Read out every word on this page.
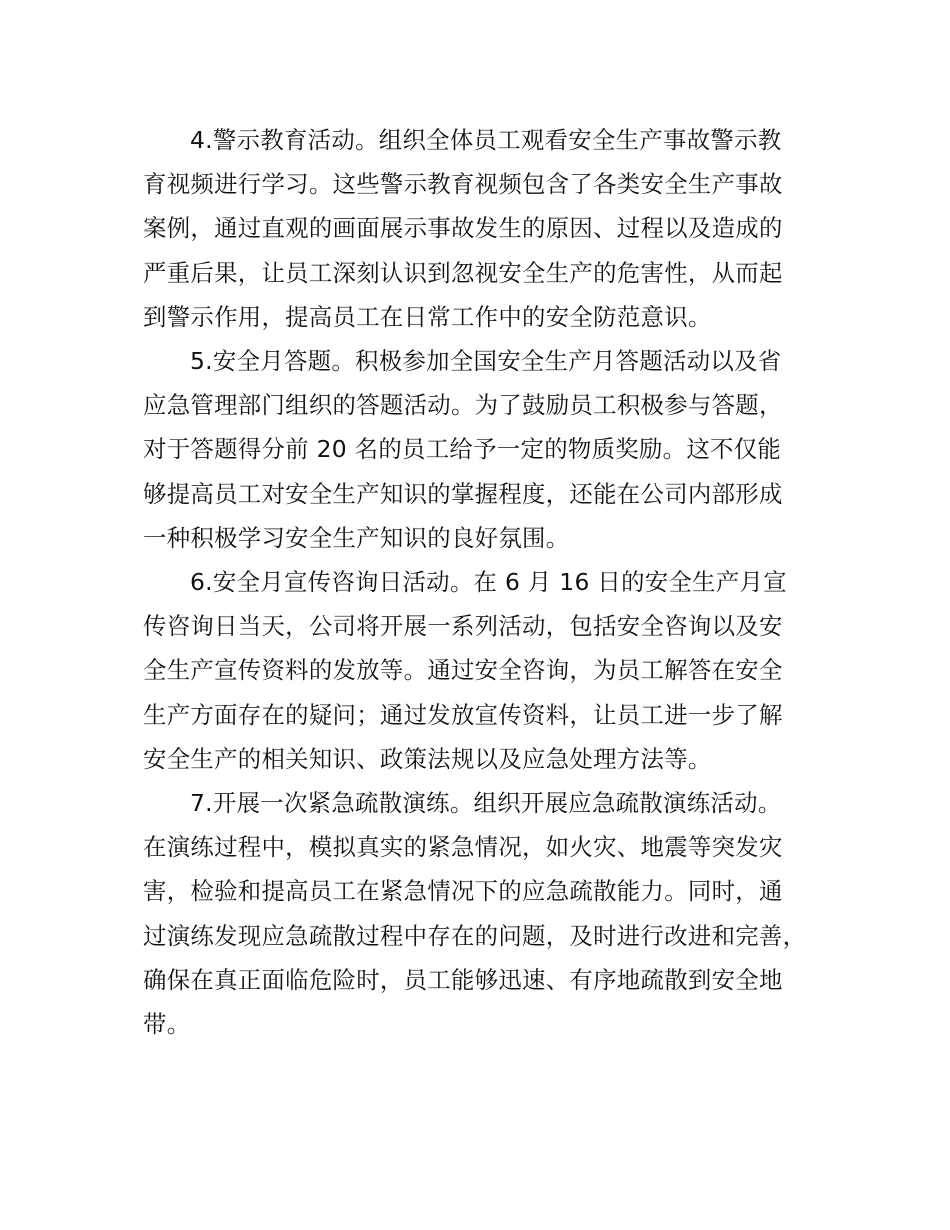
4.警示教育活动。组织全体员工观看安全生产事故警示教
育视频进行学习。这些警示教育视频包含了各类安全生产事故
案例，通过直观的画面展示事故发生的原因、过程以及造成的
严重后果，让员工深刻认识到忽视安全生产的危害性，从而起
到警示作用，提高员工在日常工作中的安全防范意识。
5.安全月答题。积极参加全国安全生产月答题活动以及省
应急管理部门组织的答题活动。为了鼓励员工积极参与答题，
对于答题得分前 20 名的员工给予一定的物质奖励。这不仅能
够提高员工对安全生产知识的掌握程度，还能在公司内部形成
一种积极学习安全生产知识的良好氛围。
6.安全月宣传咨询日活动。在 6 月 16 日的安全生产月宣
传咨询日当天，公司将开展一系列活动，包括安全咨询以及安
全生产宣传资料的发放等。通过安全咨询，为员工解答在安全
生产方面存在的疑问；通过发放宣传资料，让员工进一步了解
安全生产的相关知识、政策法规以及应急处理方法等。
7.开展一次紧急疏散演练。组织开展应急疏散演练活动。
在演练过程中，模拟真实的紧急情况，如火灾、地震等突发灾
害，检验和提高员工在紧急情况下的应急疏散能力。同时，通
过演练发现应急疏散过程中存在的问题，及时进行改进和完善，
确保在真正面临危险时，员工能够迅速、有序地疏散到安全地
带。
